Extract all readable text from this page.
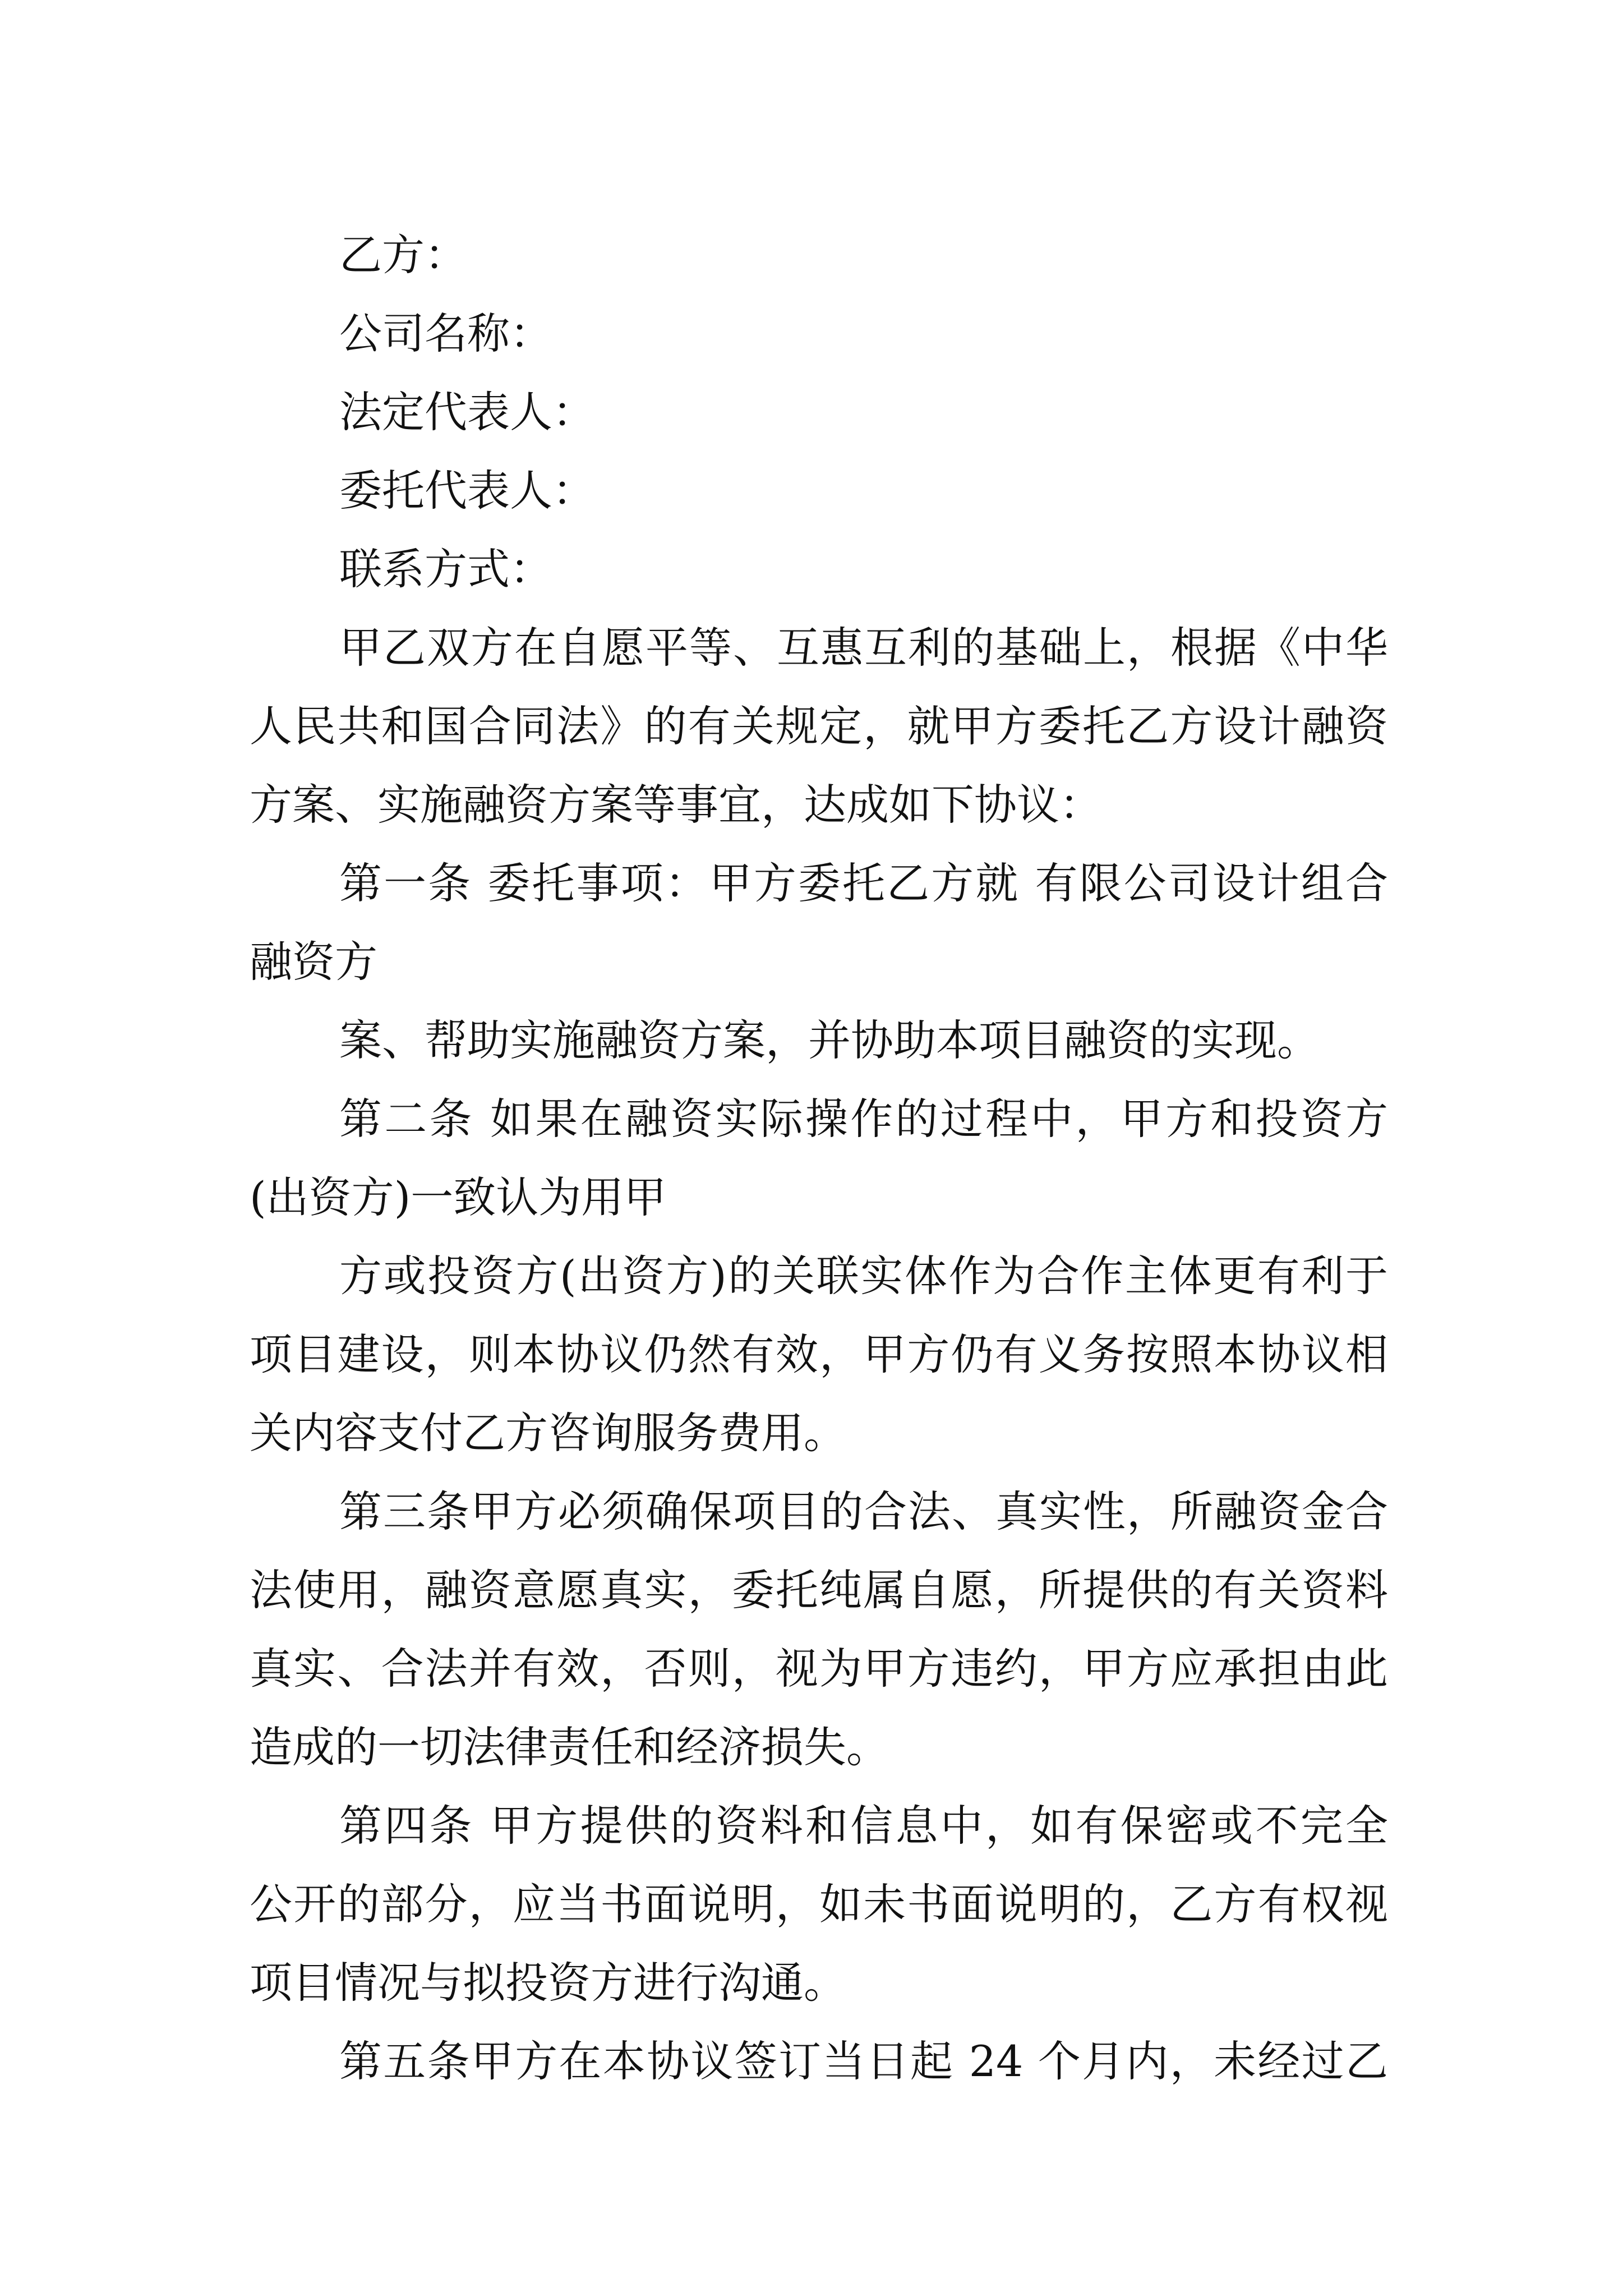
乙方：

公司名称：

法定代表人：

委托代表人：

联系方式：

甲乙双方在自愿平等、互惠互利的基础上，根据《中华

人民共和国合同法》的有关规定，就甲方委托乙方设计融资

方案、实施融资方案等事宜，达成如下协议：

第一条 委托事项：甲方委托乙方就 有限公司设计组合

融资方

案、帮助实施融资方案，并协助本项目融资的实现。

第二条 如果在融资实际操作的过程中，甲方和投资方

(出资方)一致认为用甲

方或投资方(出资方)的关联实体作为合作主体更有利于

项目建设，则本协议仍然有效，甲方仍有义务按照本协议相

关内容支付乙方咨询服务费用。

第三条甲方必须确保项目的合法、真实性，所融资金合

法使用，融资意愿真实，委托纯属自愿，所提供的有关资料

真实、合法并有效，否则，视为甲方违约，甲方应承担由此

造成的一切法律责任和经济损失。

第四条 甲方提供的资料和信息中，如有保密或不完全

公开的部分，应当书面说明，如未书面说明的，乙方有权视

项目情况与拟投资方进行沟通。

第五条甲方在本协议签订当日起 24 个月内，未经过乙
